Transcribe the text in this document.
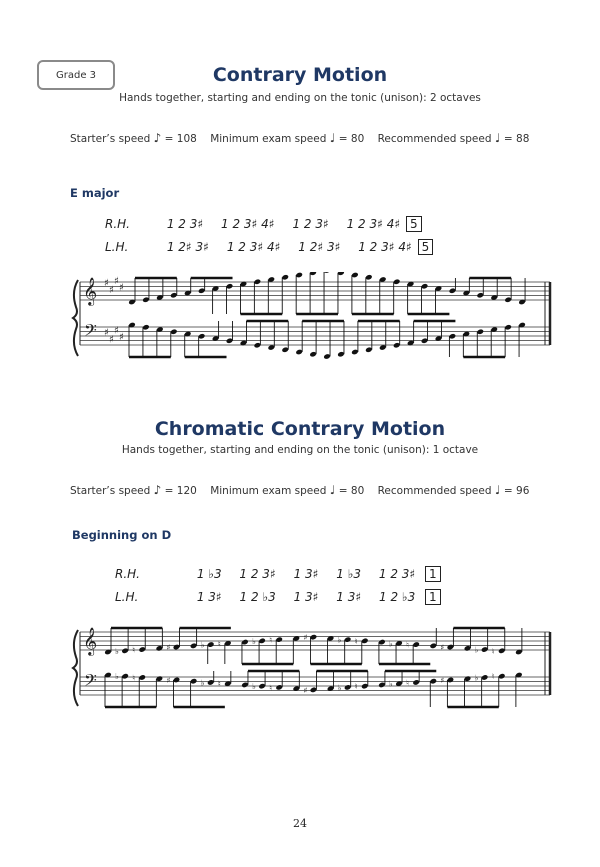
Grade 3	Contrary Motion
Hands together, starting and ending on the tonic (unison): 2 octaves
Starter’s speed ♪ = 108 Minimum exam speed ♩ = 80 Recommended speed ♩ = 88
E major
R.H.	1 2 3♯ 1 2 3♯ 4♯ 1 2 3♯ 1 2 3♯ 4♯ 5
L.H.	1 2♯ 3♯ 1 2 3♯ 4♯ 1 2♯ 3♯ 1 2 3♯ 4♯ 5
𝄞
𝄢
♯
♯
♯
♯
♯
♯
♯
♯
Chromatic Contrary Motion
Hands together, starting and ending on the tonic (unison): 1 octave
Starter’s speed ♪ = 120 Minimum exam speed ♩ = 80 Recommended speed ♩ = 96
Beginning on D
R.H.	1 ♭3 1 2 3♯ 1 3♯ 1 ♭3 1 2 3♯ 1
L.H.	1 3♯ 1 2 ♭3 1 3♯ 1 3♯ 1 2 ♭3 1
𝄞
𝄢
♭ ♮	♯	♭ ♮	♭ ♮	♯	♭ ♮	♭ ♮	♯	♭ ♮
♭ ♮	♯	♭ ♮	♭ ♮	♯	♭ ♮	♭ ♮	♯	♭ ♮
24
